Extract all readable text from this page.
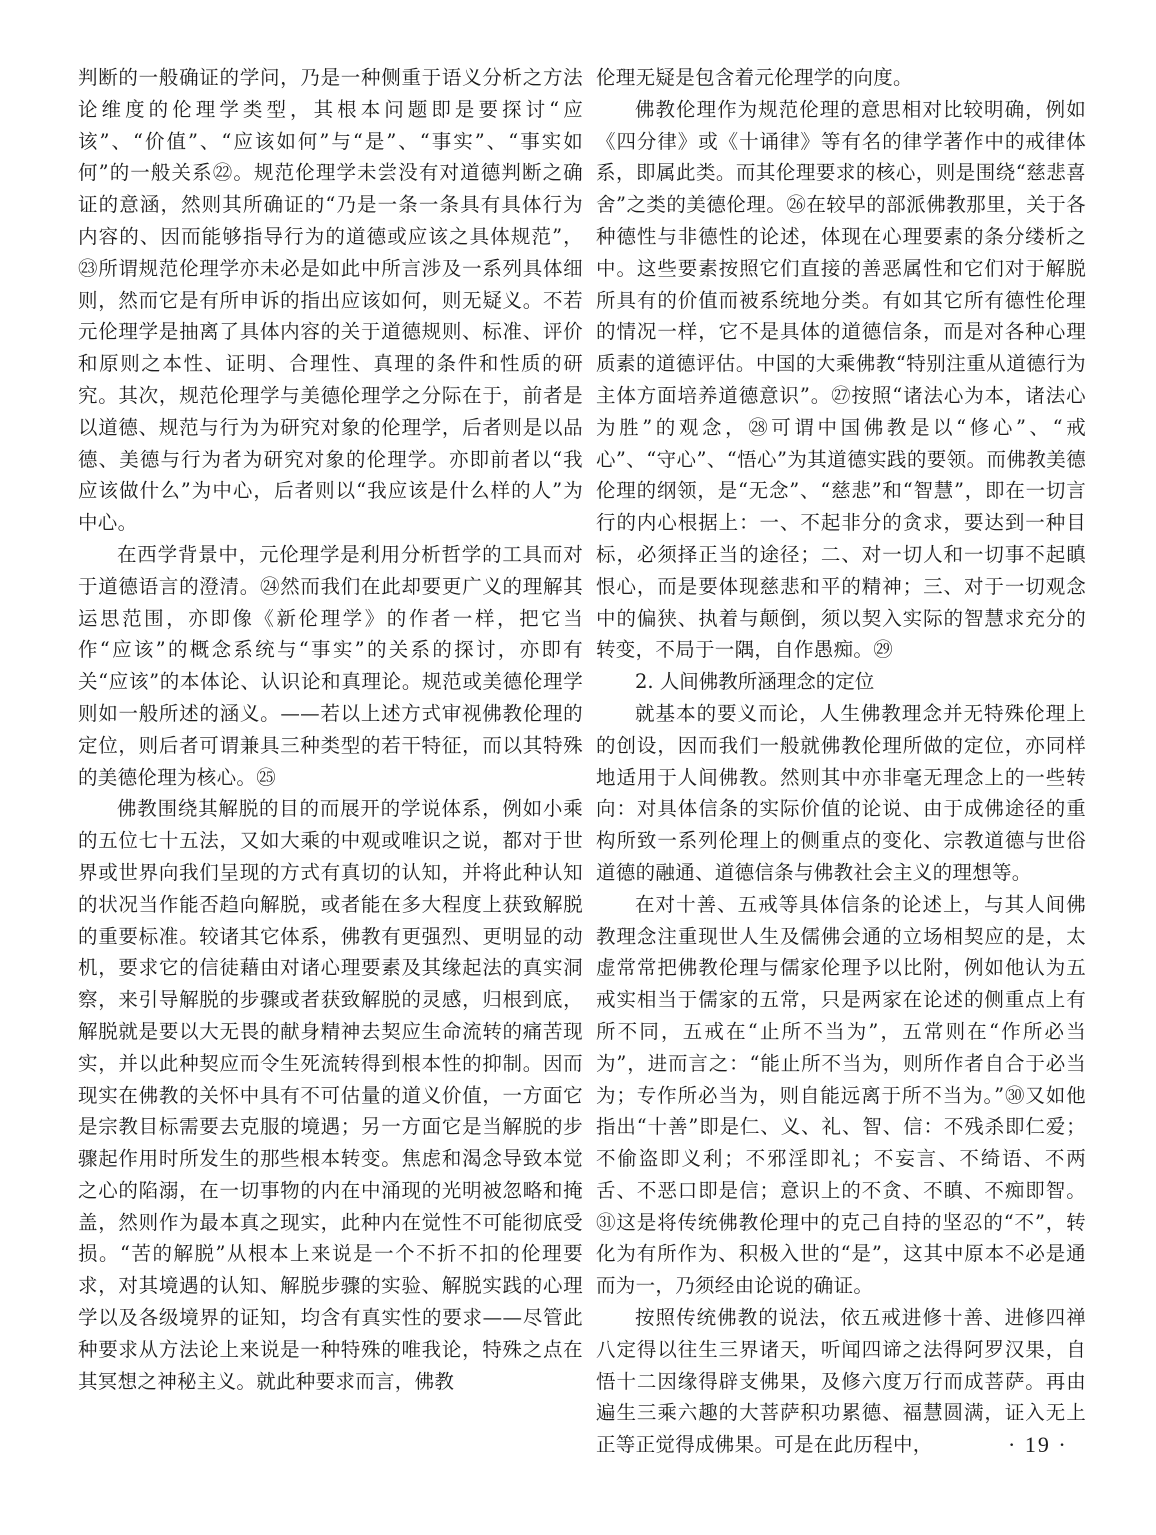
判断的一般确证的学问，乃是一种侧重于语义分析之方法论维度的伦理学类型，其根本问题即是要探讨“应该”、“价值”、“应该如何”与“是”、“事实”、“事实如何”的一般关系㉒。规范伦理学未尝没有对道德判断之确证的意涵，然则其所确证的“乃是一条一条具有具体行为内容的、因而能够指导行为的道德或应该之具体规范”，㉓所谓规范伦理学亦未必是如此中所言涉及一系列具体细则，然而它是有所申诉的指出应该如何，则无疑义。不若元伦理学是抽离了具体内容的关于道德规则、标准、评价和原则之本性、证明、合理性、真理的条件和性质的研究。其次，规范伦理学与美德伦理学之分际在于，前者是以道德、规范与行为为研究对象的伦理学，后者则是以品德、美德与行为者为研究对象的伦理学。亦即前者以“我应该做什么”为中心，后者则以“我应该是什么样的人”为中心。

在西学背景中，元伦理学是利用分析哲学的工具而对于道德语言的澄清。㉔然而我们在此却要更广义的理解其运思范围，亦即像《新伦理学》的作者一样，把它当作“应该”的概念系统与“事实”的关系的探讨，亦即有关“应该”的本体论、认识论和真理论。规范或美德伦理学则如一般所述的涵义。——若以上述方式审视佛教伦理的定位，则后者可谓兼具三种类型的若干特征，而以其特殊的美德伦理为核心。㉕

佛教围绕其解脱的目的而展开的学说体系，例如小乘的五位七十五法，又如大乘的中观或唯识之说，都对于世界或世界向我们呈现的方式有真切的认知，并将此种认知的状况当作能否趋向解脱，或者能在多大程度上获致解脱的重要标准。较诸其它体系，佛教有更强烈、更明显的动机，要求它的信徒藉由对诸心理要素及其缘起法的真实洞察，来引导解脱的步骤或者获致解脱的灵感，归根到底，解脱就是要以大无畏的献身精神去契应生命流转的痛苦现实，并以此种契应而令生死流转得到根本性的抑制。因而现实在佛教的关怀中具有不可估量的道义价值，一方面它是宗教目标需要去克服的境遇；另一方面它是当解脱的步骤起作用时所发生的那些根本转变。焦虑和渴念导致本觉之心的陷溺，在一切事物的内在中涌现的光明被忽略和掩盖，然则作为最本真之现实，此种内在觉性不可能彻底受损。“苦的解脱”从根本上来说是一个不折不扣的伦理要求，对其境遇的认知、解脱步骤的实验、解脱实践的心理学以及各级境界的证知，均含有真实性的要求——尽管此种要求从方法论上来说是一种特殊的唯我论，特殊之点在其冥想之神秘主义。就此种要求而言，佛教

伦理无疑是包含着元伦理学的向度。

佛教伦理作为规范伦理的意思相对比较明确，例如《四分律》或《十诵律》等有名的律学著作中的戒律体系，即属此类。而其伦理要求的核心，则是围绕“慈悲喜舍”之类的美德伦理。㉖在较早的部派佛教那里，关于各种德性与非德性的论述，体现在心理要素的条分缕析之中。这些要素按照它们直接的善恶属性和它们对于解脱所具有的价值而被系统地分类。有如其它所有德性伦理的情况一样，它不是具体的道德信条，而是对各种心理质素的道德评估。中国的大乘佛教“特别注重从道德行为主体方面培养道德意识”。㉗按照“诸法心为本，诸法心为胜”的观念，㉘可谓中国佛教是以“修心”、“戒心”、“守心”、“悟心”为其道德实践的要领。而佛教美德伦理的纲领，是“无念”、“慈悲”和“智慧”，即在一切言行的内心根据上：一、不起非分的贪求，要达到一种目标，必须择正当的途径；二、对一切人和一切事不起瞋恨心，而是要体现慈悲和平的精神；三、对于一切观念中的偏狭、执着与颠倒，须以契入实际的智慧求充分的转变，不局于一隅，自作愚痴。㉙

2. 人间佛教所涵理念的定位

就基本的要义而论，人生佛教理念并无特殊伦理上的创设，因而我们一般就佛教伦理所做的定位，亦同样地适用于人间佛教。然则其中亦非毫无理念上的一些转向：对具体信条的实际价值的论说、由于成佛途径的重构所致一系列伦理上的侧重点的变化、宗教道德与世俗道德的融通、道德信条与佛教社会主义的理想等。

在对十善、五戒等具体信条的论述上，与其人间佛教理念注重现世人生及儒佛会通的立场相契应的是，太虚常常把佛教伦理与儒家伦理予以比附，例如他认为五戒实相当于儒家的五常，只是两家在论述的侧重点上有所不同，五戒在“止所不当为”，五常则在“作所必当为”，进而言之：“能止所不当为，则所作者自合于必当为；专作所必当为，则自能远离于所不当为。”㉚又如他指出“十善”即是仁、义、礼、智、信：不残杀即仁爱；不偷盗即义利；不邪淫即礼；不妄言、不绮语、不两舌、不恶口即是信；意识上的不贪、不瞋、不痴即智。㉛这是将传统佛教伦理中的克己自持的坚忍的“不”，转化为有所作为、积极入世的“是”，这其中原本不必是通而为一，乃须经由论说的确证。

按照传统佛教的说法，依五戒进修十善、进修四禅八定得以往生三界诸天，听闻四谛之法得阿罗汉果，自悟十二因缘得辟支佛果，及修六度万行而成菩萨。再由遍生三乘六趣的大菩萨积功累德、福慧圆满，证入无上正等正觉得成佛果。可是在此历程中，	· 19 ·
